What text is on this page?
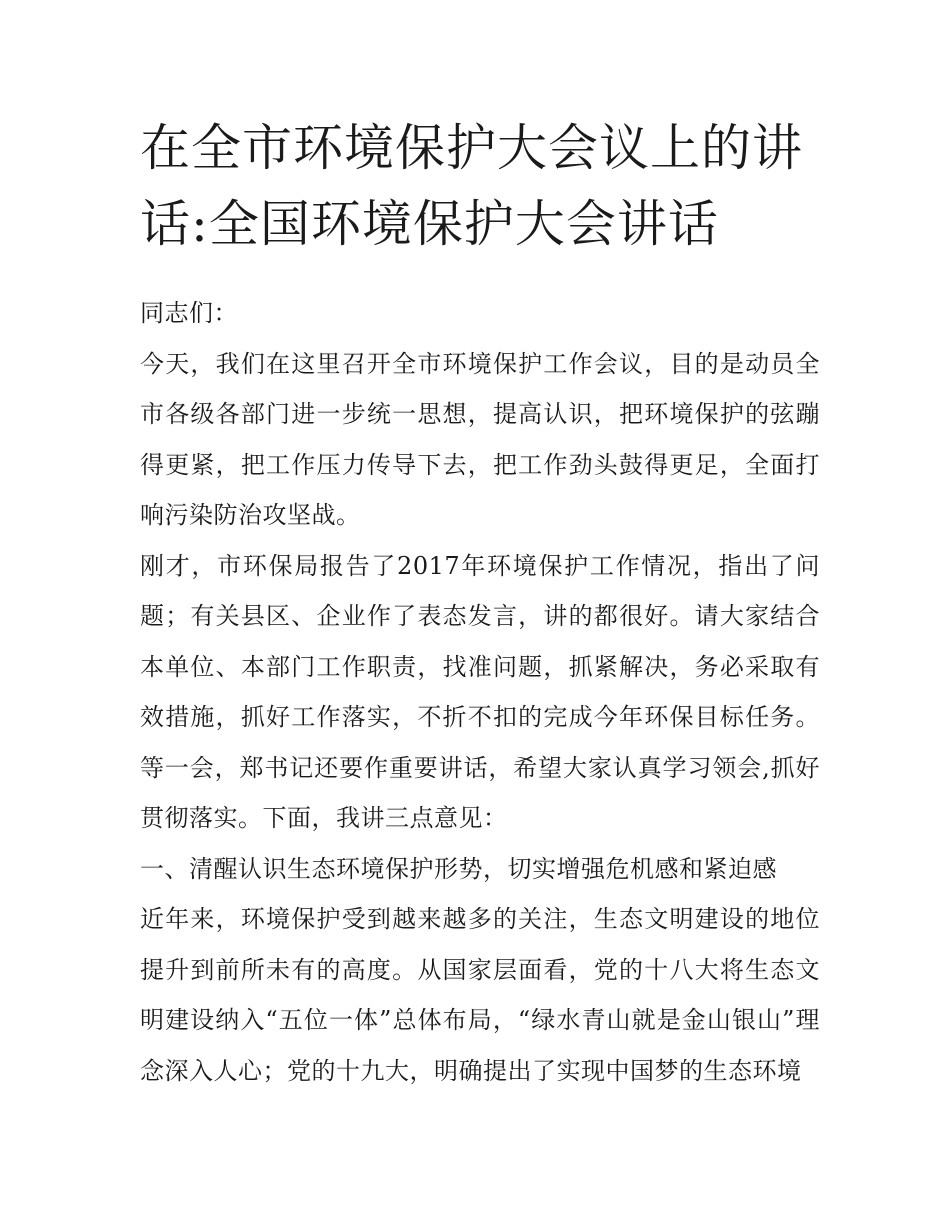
在全市环境保护大会议上的讲话:全国环境保护大会讲话

同志们：

今天，我们在这里召开全市环境保护工作会议，目的是动员全市各级各部门进一步统一思想，提高认识，把环境保护的弦蹦得更紧，把工作压力传导下去，把工作劲头鼓得更足，全面打响污染防治攻坚战。

刚才，市环保局报告了2017年环境保护工作情况，指出了问题；有关县区、企业作了表态发言，讲的都很好。请大家结合本单位、本部门工作职责，找准问题，抓紧解决，务必采取有效措施，抓好工作落实，不折不扣的完成今年环保目标任务。等一会，郑书记还要作重要讲话，希望大家认真学习领会,抓好贯彻落实。下面，我讲三点意见：

一、清醒认识生态环境保护形势，切实增强危机感和紧迫感

近年来，环境保护受到越来越多的关注，生态文明建设的地位提升到前所未有的高度。从国家层面看，党的十八大将生态文明建设纳入“五位一体”总体布局，“绿水青山就是金山银山”理念深入人心；党的十九大，明确提出了实现中国梦的生态环境
